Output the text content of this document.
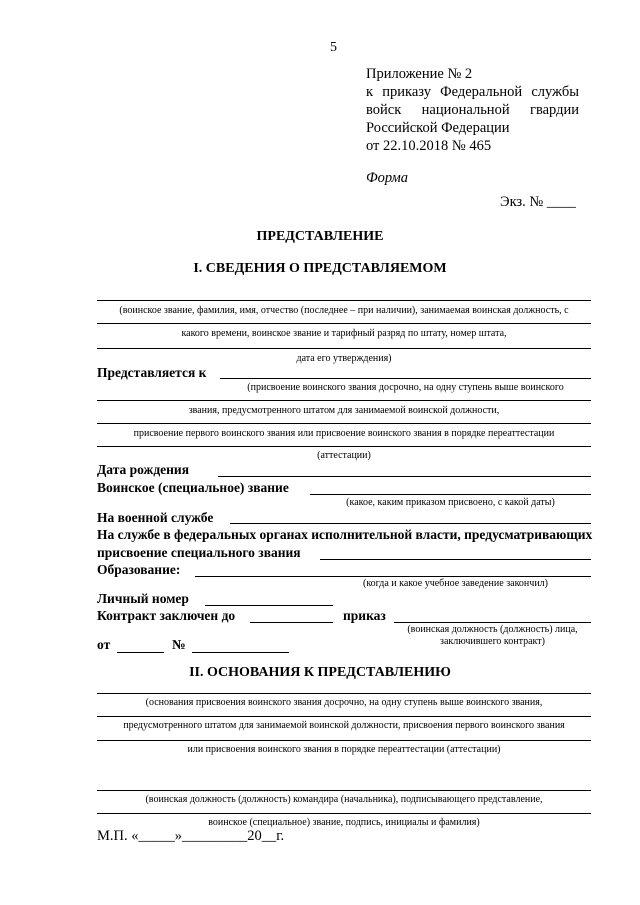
5
Приложение № 2
к приказу Федеральной службы
войск национальной гвардии
Российской Федерации
от 22.10.2018 № 465
Форма
Экз. № ____
ПРЕДСТАВЛЕНИЕ
I. СВЕДЕНИЯ О ПРЕДСТАВЛЯЕМОМ
(воинское звание, фамилия, имя, отчество (последнее – при наличии), занимаемая воинская должность, с
какого времени, воинское звание и тарифный разряд по штату, номер штата,
дата его утверждения)
Представляется к
(присвоение воинского звания досрочно, на одну ступень выше воинского
звания, предусмотренного штатом для занимаемой воинской должности,
присвоение первого воинского звания или присвоение воинского звания в порядке переаттестации
(аттестации)
Дата рождения
Воинское (специальное) звание
(какое, каким приказом присвоено, с какой даты)
На военной службе
На службе в федеральных органах исполнительной власти, предусматривающих
присвоение специального звания
Образование:
(когда и какое учебное заведение закончил)
Личный номер
Контракт заключен до	приказ
(воинская должность (должность) лица,
заключившего контракт)
от	№
II. ОСНОВАНИЯ К ПРЕДСТАВЛЕНИЮ
(основания присвоения воинского звания досрочно, на одну ступень выше воинского звания,
предусмотренного штатом для занимаемой воинской должности, присвоения первого воинского звания
или присвоения воинского звания в порядке переаттестации (аттестации)
(воинская должность (должность) командира (начальника), подписывающего представление,
воинское (специальное) звание, подпись, инициалы и фамилия)
М.П. «_____»_________20__г.
